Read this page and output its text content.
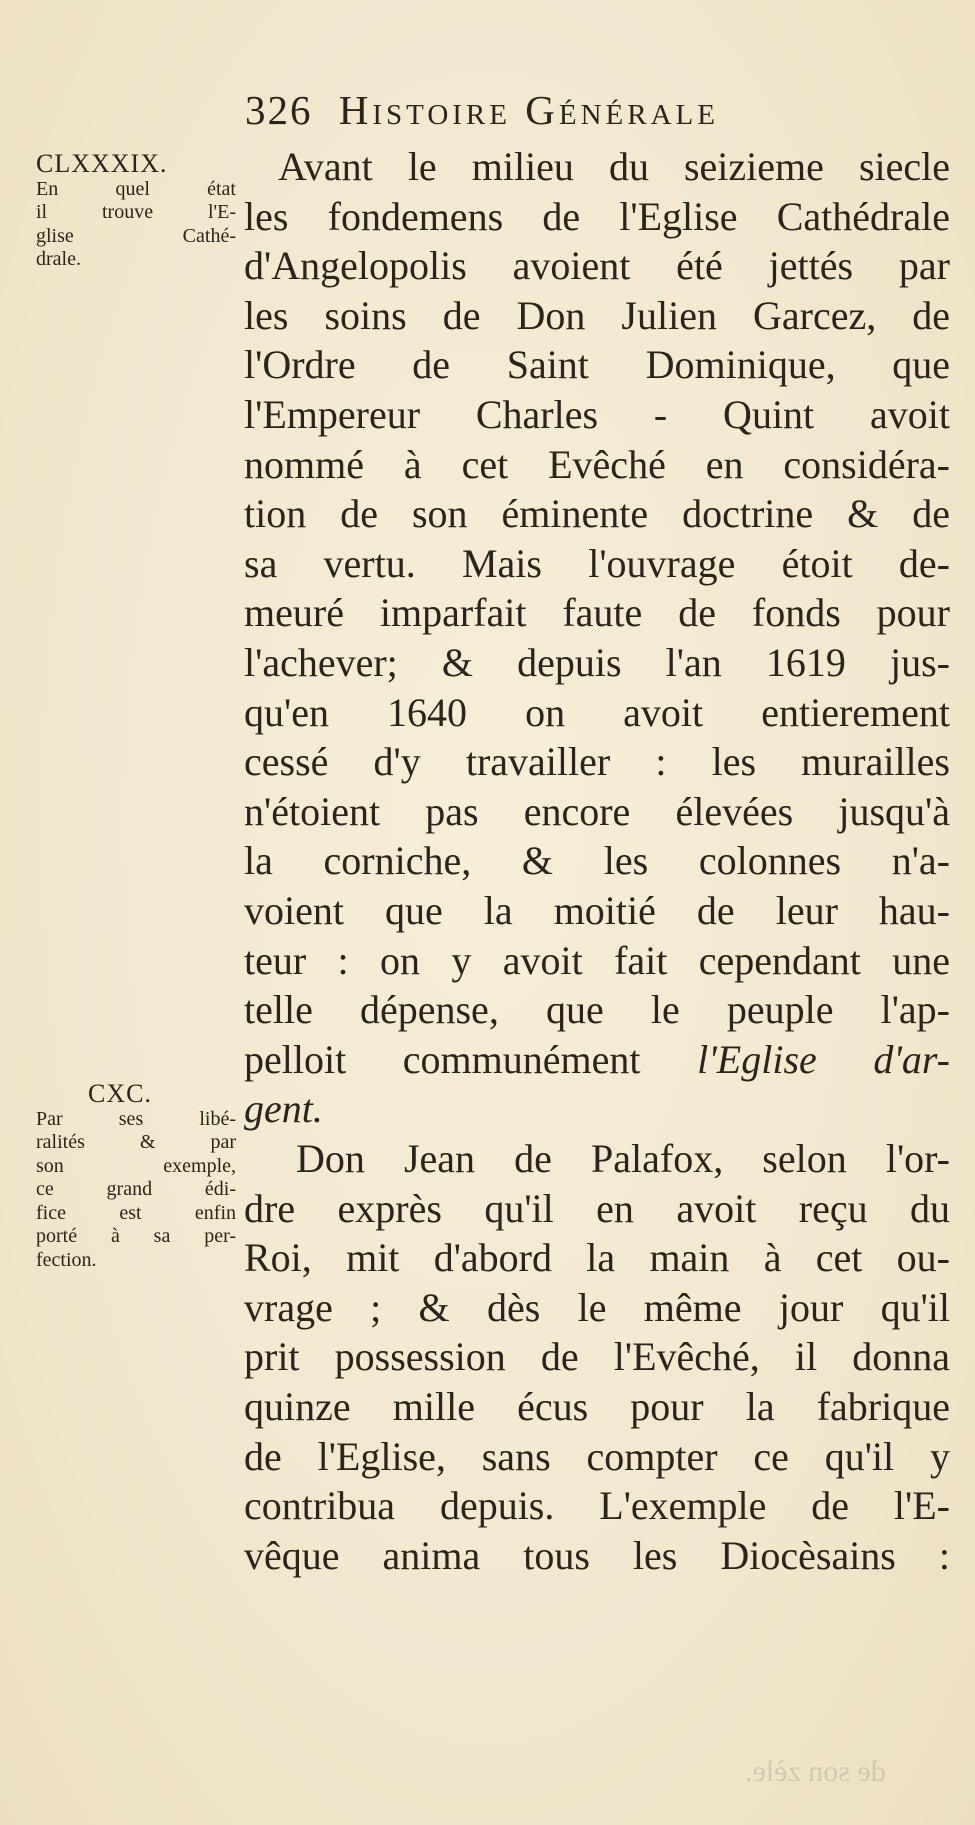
326 Histoire Générale
CLXXXIX.
En quel état
il trouve l'E-
glise Cathé-
drale.
CXC.
Par ses libé-
ralités & par
son exemple,
ce grand édi-
fice est enfin
porté à sa per-
fection.
Avant le milieu du seizieme siecle
les fondemens de l'Eglise Cathédrale
d'Angelopolis avoient été jettés par
les soins de Don Julien Garcez, de
l'Ordre de Saint Dominique, que
l'Empereur Charles - Quint avoit
nommé à cet Evêché en considéra-
tion de son éminente doctrine & de
sa vertu. Mais l'ouvrage étoit de-
meuré imparfait faute de fonds pour
l'achever; & depuis l'an 1619 jus-
qu'en 1640 on avoit entierement
cessé d'y travailler : les murailles
n'étoient pas encore élevées jusqu'à
la corniche, & les colonnes n'a-
voient que la moitié de leur hau-
teur : on y avoit fait cependant une
telle dépense, que le peuple l'ap-
pelloit communément l'Eglise d'ar-
gent.
Don Jean de Palafox, selon l'or-
dre exprès qu'il en avoit reçu du
Roi, mit d'abord la main à cet ou-
vrage ; & dès le même jour qu'il
prit possession de l'Evêché, il donna
quinze mille écus pour la fabrique
de l'Eglise, sans compter ce qu'il y
contribua depuis. L'exemple de l'E-
vêque anima tous les Diocèsains :
de son zèle.
